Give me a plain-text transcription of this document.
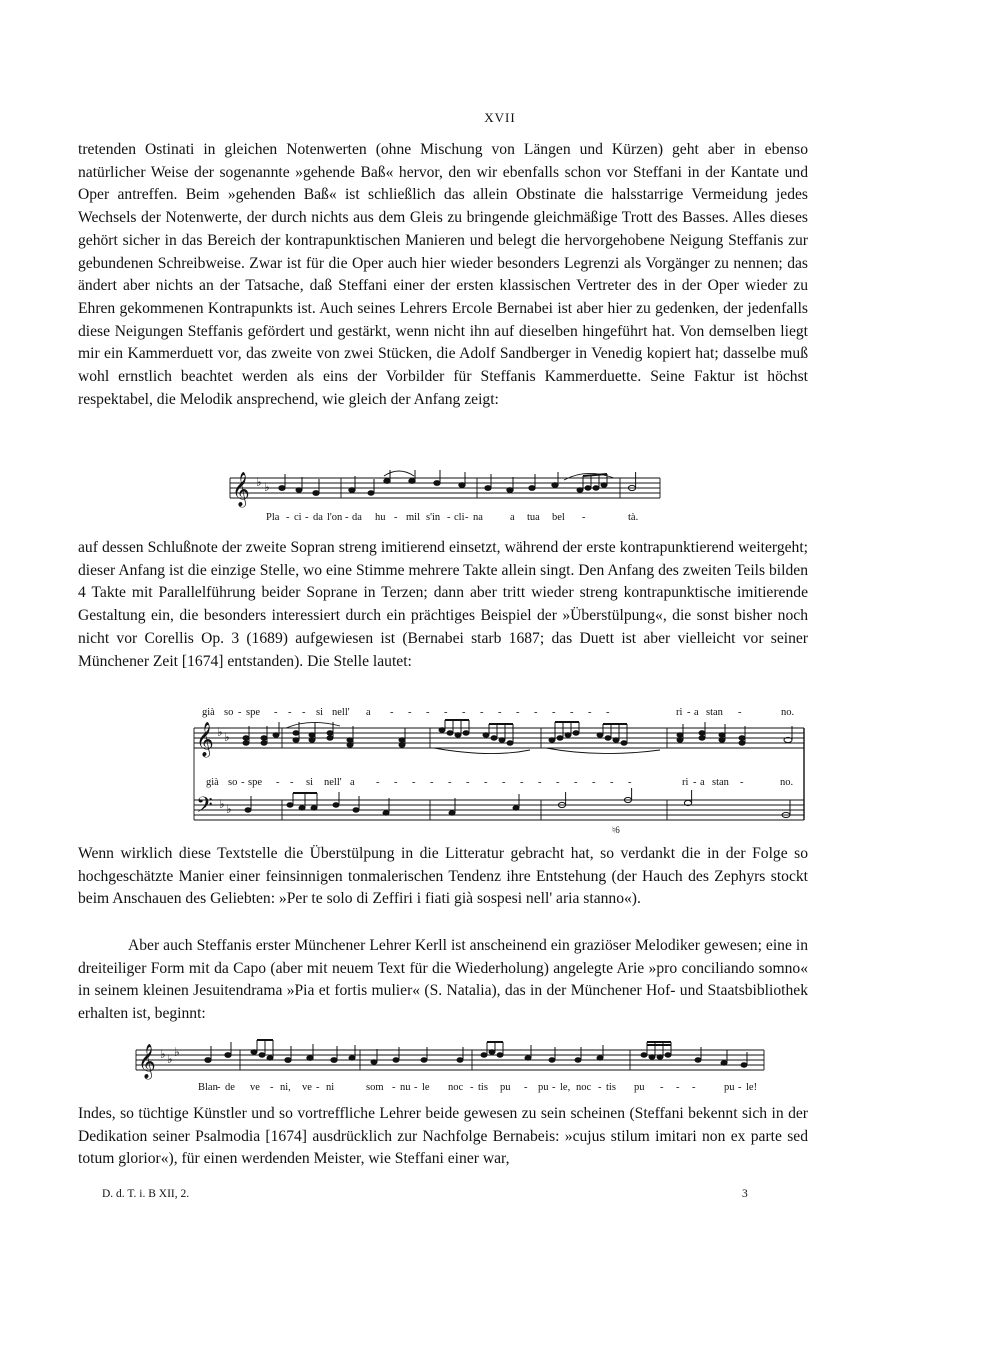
XVII

tretenden Ostinati in gleichen Notenwerten (ohne Mischung von Längen und Kürzen) geht aber in ebenso natürlicher Weise der sogenannte »gehende Baß« hervor, den wir ebenfalls schon vor Steffani in der Kantate und Oper antreffen. Beim »gehenden Baß« ist schließlich das allein Obstinate die halsstarrige Vermeidung jedes Wechsels der Notenwerte, der durch nichts aus dem Gleis zu bringende gleichmäßige Trott des Basses. Alles dieses gehört sicher in das Bereich der kontrapunktischen Manieren und belegt die hervorgehobene Neigung Steffanis zur gebundenen Schreibweise. Zwar ist für die Oper auch hier wieder besonders Legrenzi als Vorgänger zu nennen; das ändert aber nichts an der Tatsache, daß Steffani einer der ersten klassischen Vertreter des in der Oper wieder zu Ehren gekommenen Kontrapunkts ist. Auch seines Lehrers Ercole Bernabei ist aber hier zu gedenken, der jedenfalls diese Neigungen Steffanis gefördert und gestärkt, wenn nicht ihn auf dieselben hingeführt hat. Von demselben liegt mir ein Kammerduett vor, das zweite von zwei Stücken, die Adolf Sandberger in Venedig kopiert hat; dasselbe muß wohl ernstlich beachtet werden als eins der Vorbilder für Steffanis Kammerduette. Seine Faktur ist höchst respektabel, die Melodik ansprechend, wie gleich der Anfang zeigt:

𝄞 ♭ ♭
Pla - ci - da l'on - da hu - mil s'in - cli - na	a tua bel -	tà.

auf dessen Schlußnote der zweite Sopran streng imitierend einsetzt, während der erste kontrapunktierend weitergeht; dieser Anfang ist die einzige Stelle, wo eine Stimme mehrere Takte allein singt. Den Anfang des zweiten Teils bilden 4 Takte mit Parallelführung beider Soprane in Terzen; dann aber tritt wieder streng kontrapunktische imitierende Gestaltung ein, die besonders interessiert durch ein prächtiges Beispiel der »Überstülpung«, die sonst bisher noch nicht vor Corellis Op. 3 (1689) aufgewiesen ist (Bernabei starb 1687; das Duett ist aber vielleicht vor seiner Münchener Zeit [1674] entstanden). Die Stelle lautet:

già so - spe - - - si nell' a - - - - - - - - - - - - -	ri - a stan -	no.
𝄞
𝄢
♭ ♭
♭ ♭
già so - spe - - si nell' a - - - - - - - - - - - - - - -	ri - a stan -	no.
♮6

Wenn wirklich diese Textstelle die Überstülpung in die Litteratur gebracht hat, so verdankt die in der Folge so hochgeschätzte Manier einer feinsinnigen tonmalerischen Tendenz ihre Entstehung (der Hauch des Zephyrs stockt beim Anschauen des Geliebten: »Per te solo di Zeffiri i fiati già sospesi nell' aria stanno«).

Aber auch Steffanis erster Münchener Lehrer Kerll ist anscheinend ein graziöser Melodiker gewesen; eine in dreiteiliger Form mit da Capo (aber mit neuem Text für die Wiederholung) angelegte Arie »pro conciliando somno« in seinem kleinen Jesuitendrama »Pia et fortis mulier« (S. Natalia), das in der Münchener Hof- und Staatsbibliothek erhalten ist, beginnt:

𝄞 ♭ ♭ ♭
Blan - de ve - ni, ve - ni	som - nu - le noc - tis pu - pu - le, noc - tis pu - - -	pu - le!

Indes, so tüchtige Künstler und so vortreffliche Lehrer beide gewesen zu sein scheinen (Steffani bekennt sich in der Dedikation seiner Psalmodia [1674] ausdrücklich zur Nachfolge Bernabeis: »cujus stilum imitari non ex parte sed totum glorior«), für einen werdenden Meister, wie Steffani einer war,

D. d. T. i. B XII, 2.	3
